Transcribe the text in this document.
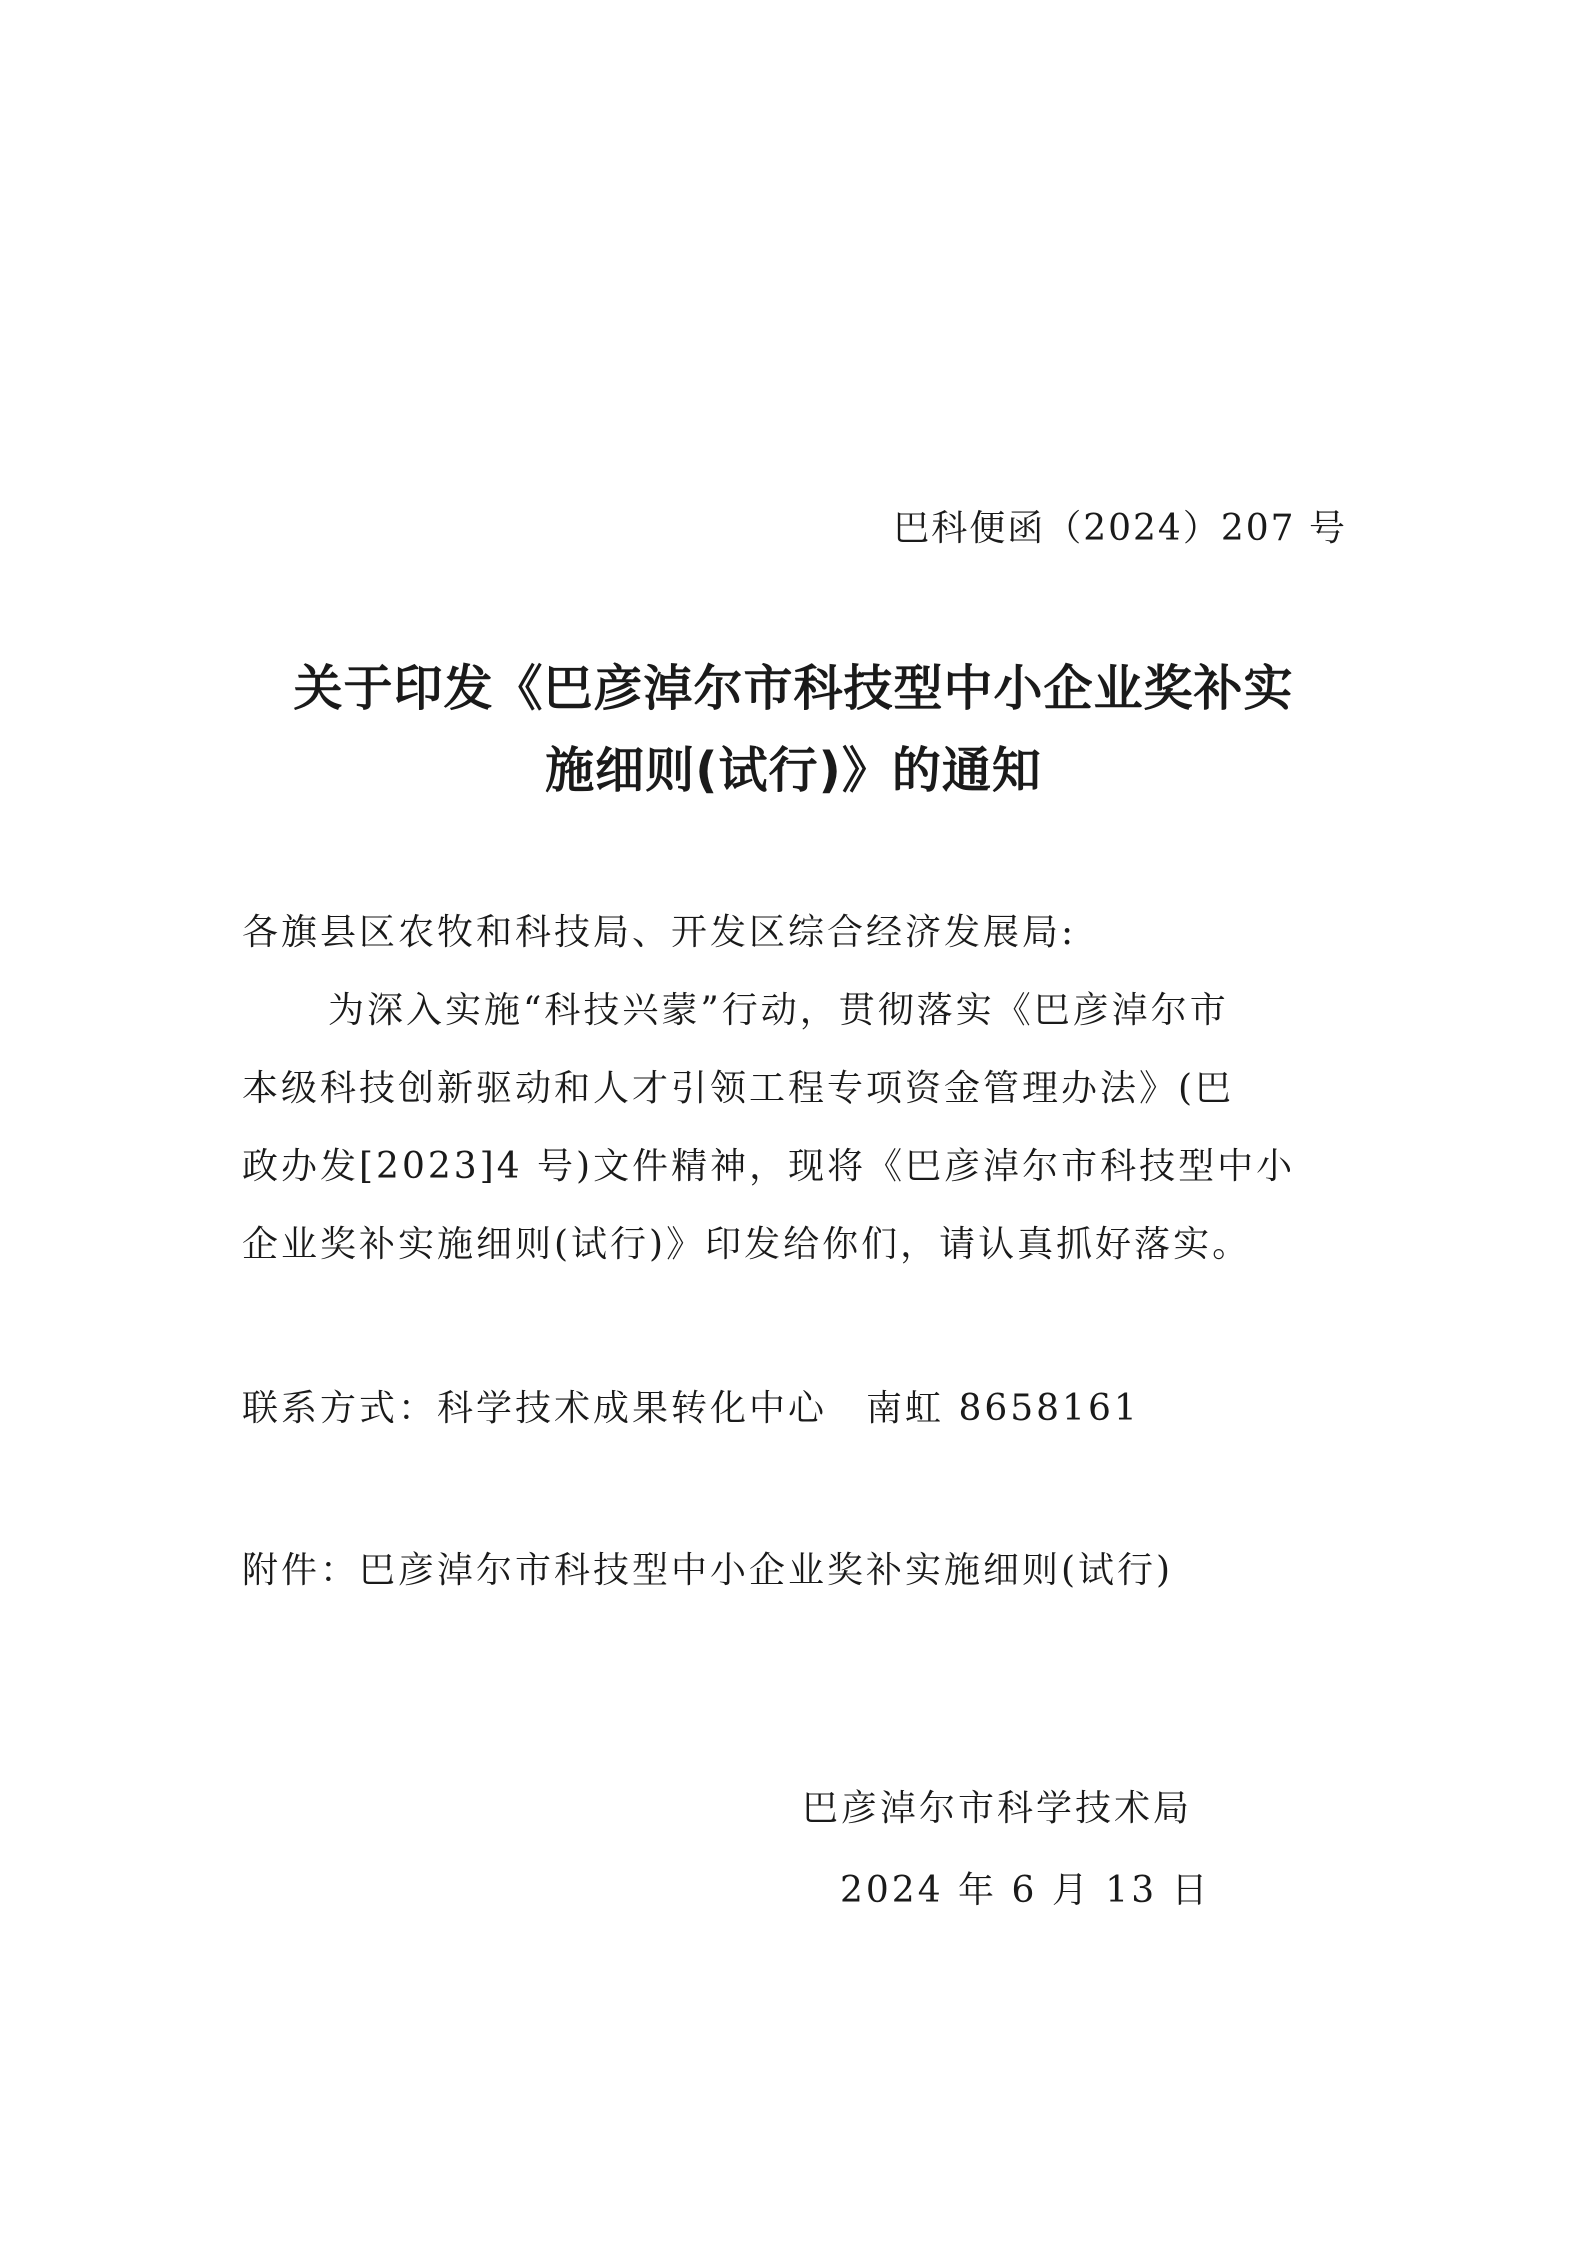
巴科便函（2024）207 号
关于印发《巴彦淖尔市科技型中小企业奖补实
施细则(试行)》的通知
各旗县区农牧和科技局、开发区综合经济发展局:
为深入实施“科技兴蒙”行动，贯彻落实《巴彦淖尔市
本级科技创新驱动和人才引领工程专项资金管理办法》(巴
政办发[2023]4 号)文件精神，现将《巴彦淖尔市科技型中小
企业奖补实施细则(试行)》印发给你们，请认真抓好落实。
联系方式：科学技术成果转化中心　南虹 8658161
附件：巴彦淖尔市科技型中小企业奖补实施细则(试行)
巴彦淖尔市科学技术局
2024 年 6 月 13 日
